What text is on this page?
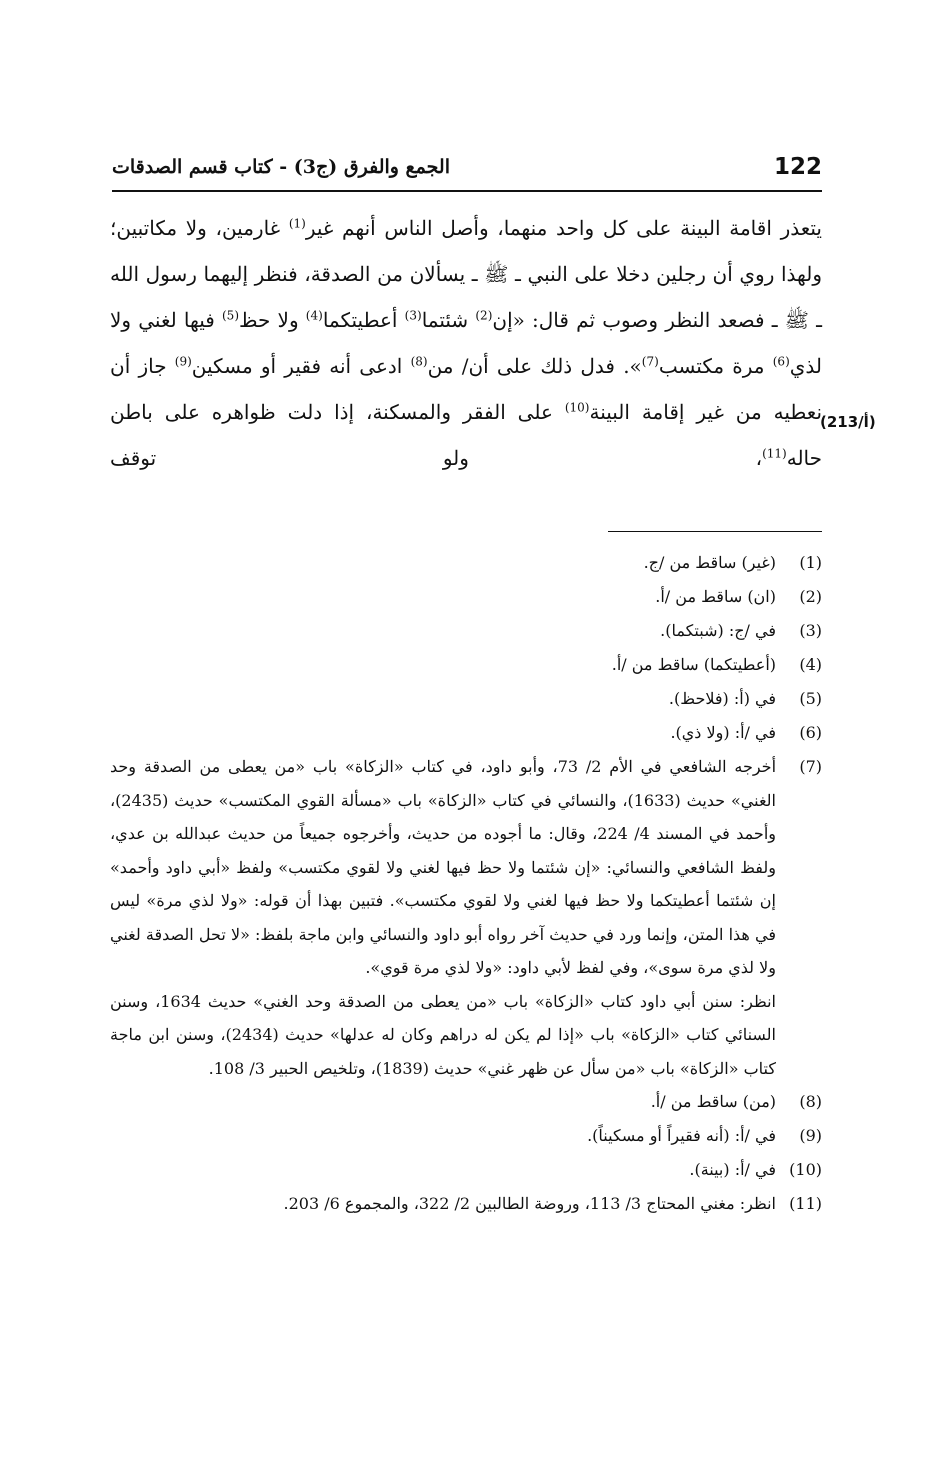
122
الجمع والفرق (ج3) - كتاب قسم الصدقات

يتعذر اقامة البينة على كل واحد منهما، وأصل الناس أنهم غير$^{(1)}$ غارمين، ولا مكاتبين؛ ولهذا روي أن رجلين دخلا على النبي ـ ﷺ ـ يسألان من الصدقة، فنظر إليهما رسول الله ـ ﷺ ـ فصعد النظر وصوب ثم قال: «إن$^{(2)}$ شئتما$^{(3)}$ أعطيتكما$^{(4)}$ ولا حظ$^{(5)}$ فيها لغني ولا لذي$^{(6)}$ مرة مكتسب$^{(7)}$». فدل ذلك على أن/ من$^{(8)}$ ادعى أنه فقير أو مسكين$^{(9)}$ جاز أن نعطيه من غير إقامة البينة$^{(10)}$ على الفقر والمسكنة، إذا دلت ظواهره على باطن حاله$^{(11)}$، ولو توقف

(213/أ)
(1)
(غير) ساقط من /ج.
(2)
(ان) ساقط من /أ.
(3)
في /ج: (شبتكما).
(4)
(أعطيتكما) ساقط من /أ.
(5)
في (أ: (فلاحظ).
(6)
في /أ: (ولا ذي).
(7)
أخرجه الشافعي في الأم 2/ 73، وأبو داود، في كتاب «الزكاة» باب «من يعطى من الصدقة وحد الغني» حديث (1633)، والنسائي في كتاب «الزكاة» باب «مسألة القوي المكتسب» حديث (2435)، وأحمد في المسند 4/ 224، وقال: ما أجوده من حديث، وأخرجوه جميعاً من حديث عبدالله بن عدي، ولفظ الشافعي والنسائي: «إن شئتما ولا حظ فيها لغني ولا لقوي مكتسب» ولفظ «أبي داود وأحمد» إن شئتما أعطيتكما ولا حظ فيها لغني ولا لقوي مكتسب». فتبين بهذا أن قوله: «ولا لذي مرة» ليس في هذا المتن، وإنما ورد في حديث آخر رواه أبو داود والنسائي وابن ماجة بلفظ: «لا تحل الصدقة لغني ولا لذي مرة سوى»، وفي لفظ لأبي داود: «ولا لذي مرة قوي».
انظر: سنن أبي داود كتاب «الزكاة» باب «من يعطى من الصدقة وحد الغني» حديث 1634، وسنن السنائي كتاب «الزكاة» باب «إذا لم يكن له دراهم وكان له عدلها» حديث (2434)، وسنن ابن ماجة كتاب «الزكاة» باب «من سأل عن ظهر غني» حديث (1839)، وتلخيص الحبير 3/ 108.
(8)
(من) ساقط من /أ.
(9)
في /أ: (أنه فقيراً أو مسكيناً).
(10)
في /أ: (بينة).
(11)
انظر: مغني المحتاج 3/ 113، وروضة الطالبين 2/ 322، والمجموع 6/ 203.
